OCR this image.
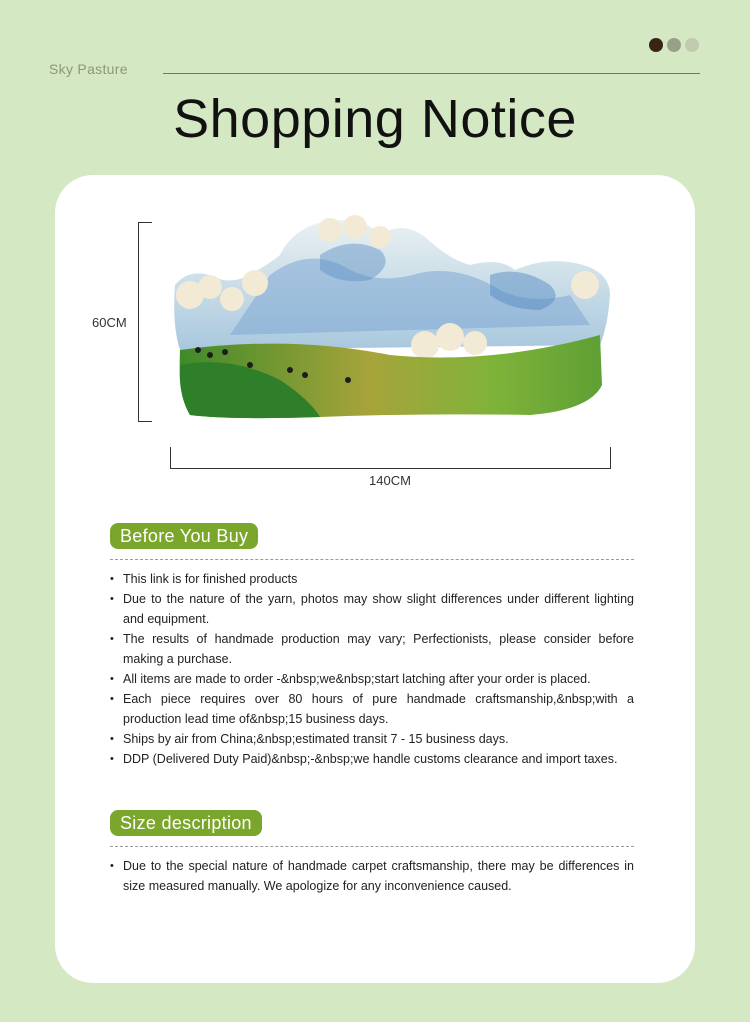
Sky Pasture
Shopping Notice
60CM
140CM
Before You Buy
• This link is for finished products
• Due to the nature of the yarn, photos may show slight differences under different lighting and equipment.
• The results of handmade production may vary; Perfectionists, please consider before making a purchase.
• All items are made to order -&nbsp;we&nbsp;start latching after your order is placed.
• Each piece requires over 80 hours of pure handmade craftsmanship,&nbsp;with a production lead time of&nbsp;15 business days.
• Ships by air from China;&nbsp;estimated transit 7 - 15 business days.
• DDP (Delivered Duty Paid)&nbsp;-&nbsp;we handle customs clearance and import taxes.
Size description
• Due to the special nature of handmade carpet craftsmanship, there may be differences in size measured manually. We apologize for any inconvenience caused.
